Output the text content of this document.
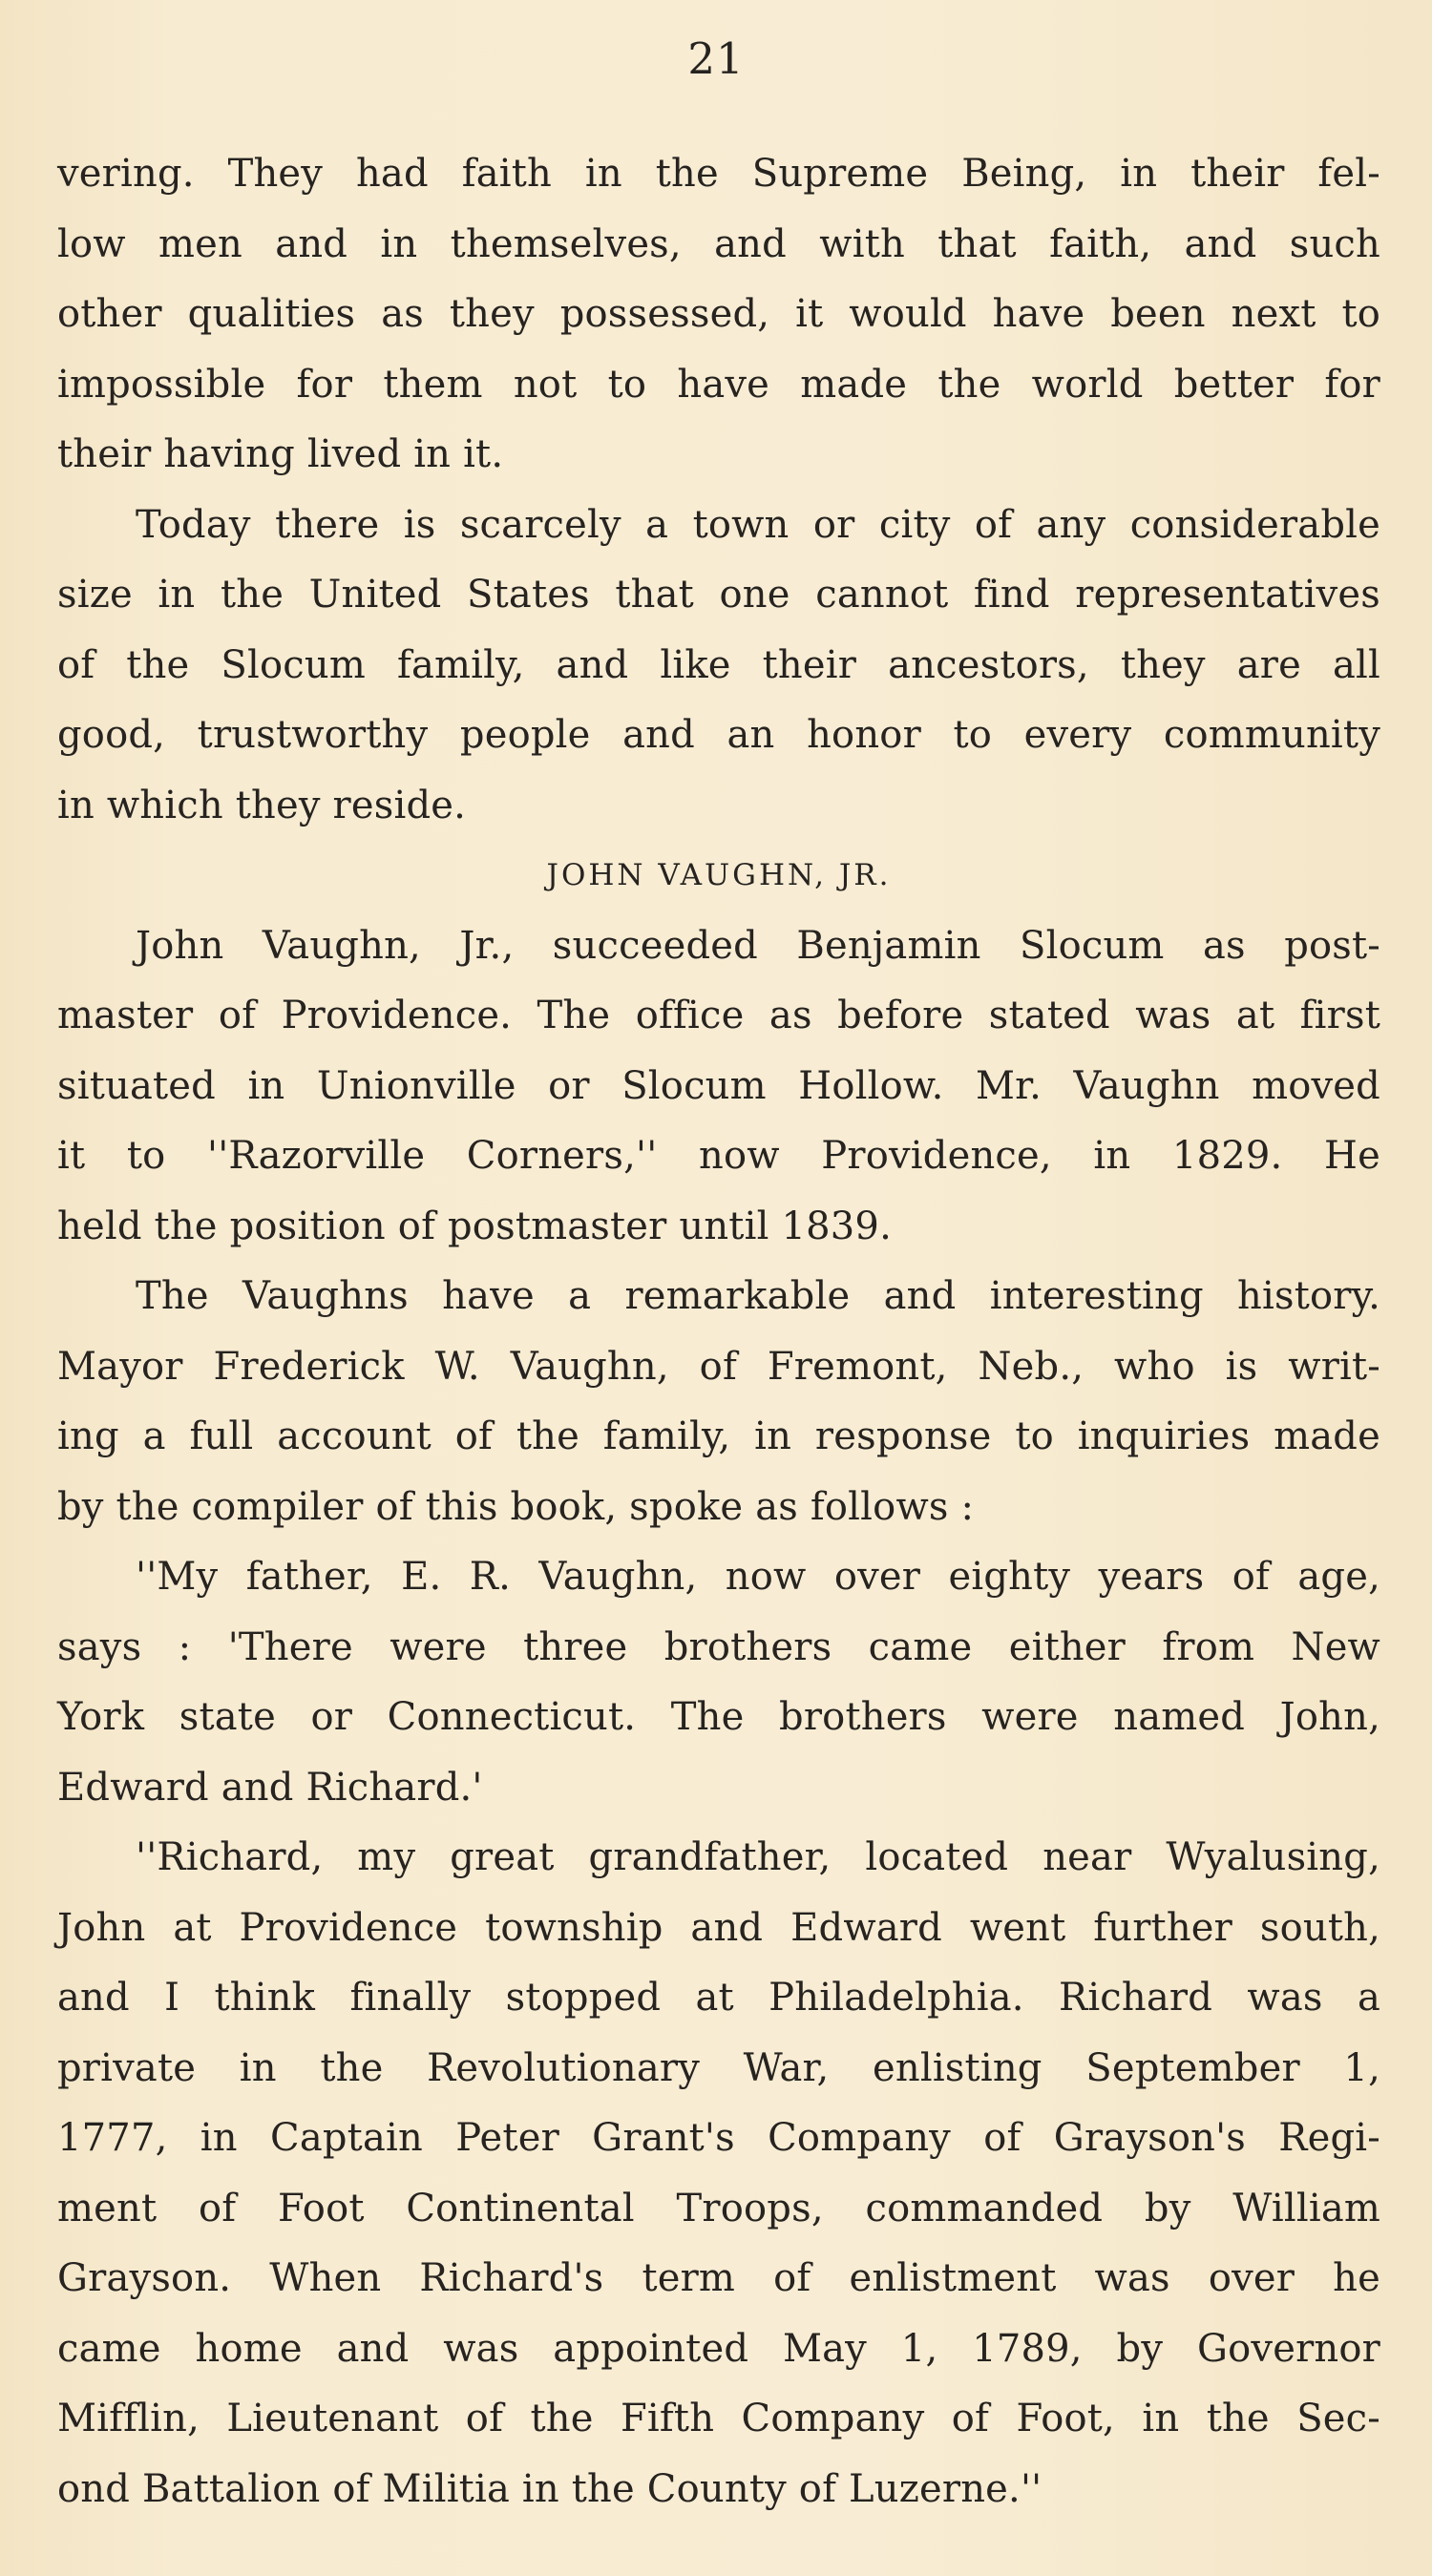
21
vering. They had faith in the Supreme Being, in their fel-
low men and in themselves, and with that faith, and such
other qualities as they possessed, it would have been next to
impossible for them not to have made the world better for
their having lived in it.
Today there is scarcely a town or city of any considerable
size in the United States that one cannot find representatives
of the Slocum family, and like their ancestors, they are all
good, trustworthy people and an honor to every community
in which they reside.
JOHN VAUGHN, JR.
John Vaughn, Jr., succeeded Benjamin Slocum as post-
master of Providence. The office as before stated was at first
situated in Unionville or Slocum Hollow. Mr. Vaughn moved
it to ''Razorville Corners,'' now Providence, in 1829. He
held the position of postmaster until 1839.
The Vaughns have a remarkable and interesting history.
Mayor Frederick W. Vaughn, of Fremont, Neb., who is writ-
ing a full account of the family, in response to inquiries made
by the compiler of this book, spoke as follows :
''My father, E. R. Vaughn, now over eighty years of age,
says : 'There were three brothers came either from New
York state or Connecticut. The brothers were named John,
Edward and Richard.'
''Richard, my great grandfather, located near Wyalusing,
John at Providence township and Edward went further south,
and I think finally stopped at Philadelphia. Richard was a
private in the Revolutionary War, enlisting September 1,
1777, in Captain Peter Grant's Company of Grayson's Regi-
ment of Foot Continental Troops, commanded by William
Grayson. When Richard's term of enlistment was over he
came home and was appointed May 1, 1789, by Governor
Mifflin, Lieutenant of the Fifth Company of Foot, in the Sec-
ond Battalion of Militia in the County of Luzerne.''
